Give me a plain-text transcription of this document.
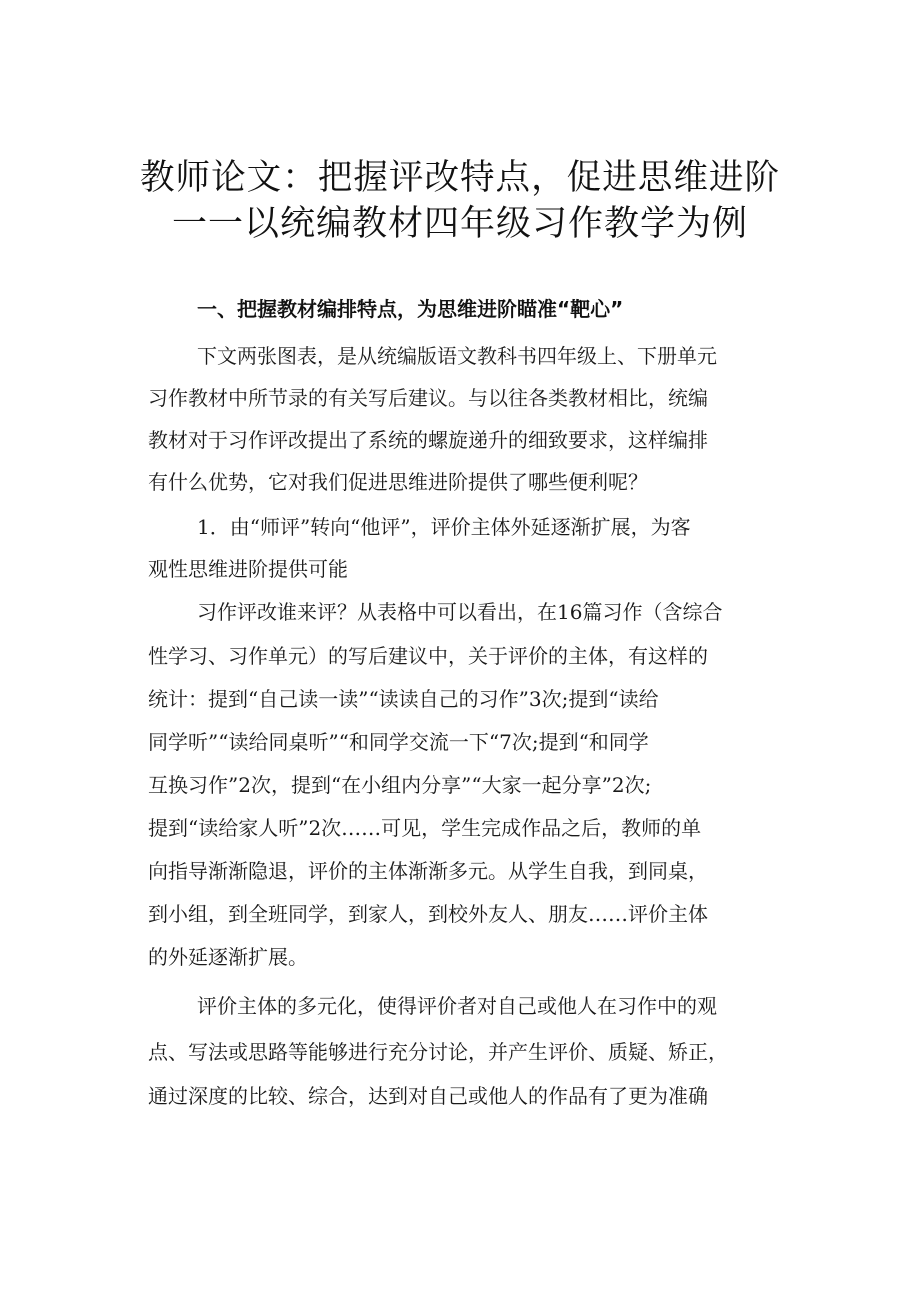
教师论文：把握评改特点，促进思维进阶
一一以统编教材四年级习作教学为例
一、把握教材编排特点，为思维进阶瞄准“靶心”
下文两张图表，是从统编版语文教科书四年级上、下册单元
习作教材中所节录的有关写后建议。与以往各类教材相比，统编
教材对于习作评改提出了系统的螺旋递升的细致要求，这样编排
有什么优势，它对我们促进思维进阶提供了哪些便利呢？
1．由“师评”转向“他评”，评价主体外延逐渐扩展，为客
观性思维进阶提供可能
习作评改谁来评？从表格中可以看出，在16篇习作（含综合
性学习、习作单元）的写后建议中，关于评价的主体，有这样的
统计：提到“自己读一读”“读读自己的习作”3次;提到“读给
同学听”“读给同桌听”“和同学交流一下“7次;提到“和同学
互换习作”2次，提到“在小组内分享”“大家一起分享”2次;
提到“读给家人听”2次……可见，学生完成作品之后，教师的单
向指导渐渐隐退，评价的主体渐渐多元。从学生自我，到同桌，
到小组，到全班同学，到家人，到校外友人、朋友……评价主体
的外延逐渐扩展。
评价主体的多元化，使得评价者对自己或他人在习作中的观
点、写法或思路等能够进行充分讨论，并产生评价、质疑、矫正，
通过深度的比较、综合，达到对自己或他人的作品有了更为准确
